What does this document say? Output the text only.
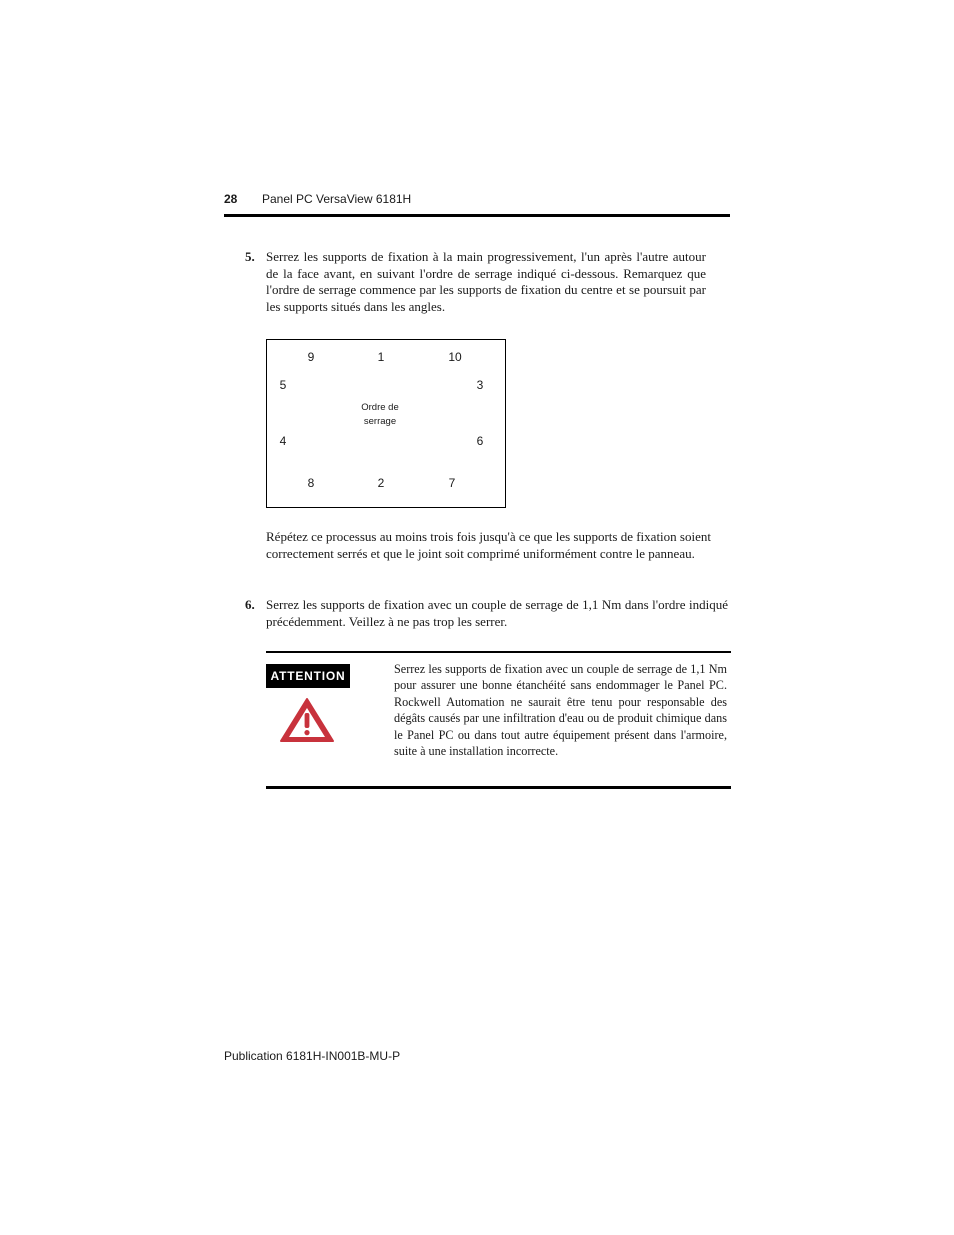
28 Panel PC VersaView 6181H
5. Serrez les supports de fixation à la main progressivement, l'un après l'autre autour de la face avant, en suivant l'ordre de serrage indiqué ci-dessous. Remarquez que l'ordre de serrage commence par les supports de fixation du centre et se poursuit par les supports situés dans les angles.
9	1	10
5	3
Ordre de
serrage
4	6
8	2	7
Répétez ce processus au moins trois fois jusqu'à ce que les supports de fixation soient correctement serrés et que le joint soit comprimé uniformément contre le panneau.
6. Serrez les supports de fixation avec un couple de serrage de 1,1 Nm dans l'ordre indiqué précédemment. Veillez à ne pas trop les serrer.
ATTENTION	Serrez les supports de fixation avec un couple de serrage de 1,1 Nm pour assurer une bonne étanchéité sans endommager le Panel PC. Rockwell Automation ne saurait être tenu pour responsable des dégâts causés par une infiltration d'eau ou de produit chimique dans le Panel PC ou dans tout autre équipement présent dans l'armoire, suite à une installation incorrecte.
Publication 6181H-IN001B-MU-P
